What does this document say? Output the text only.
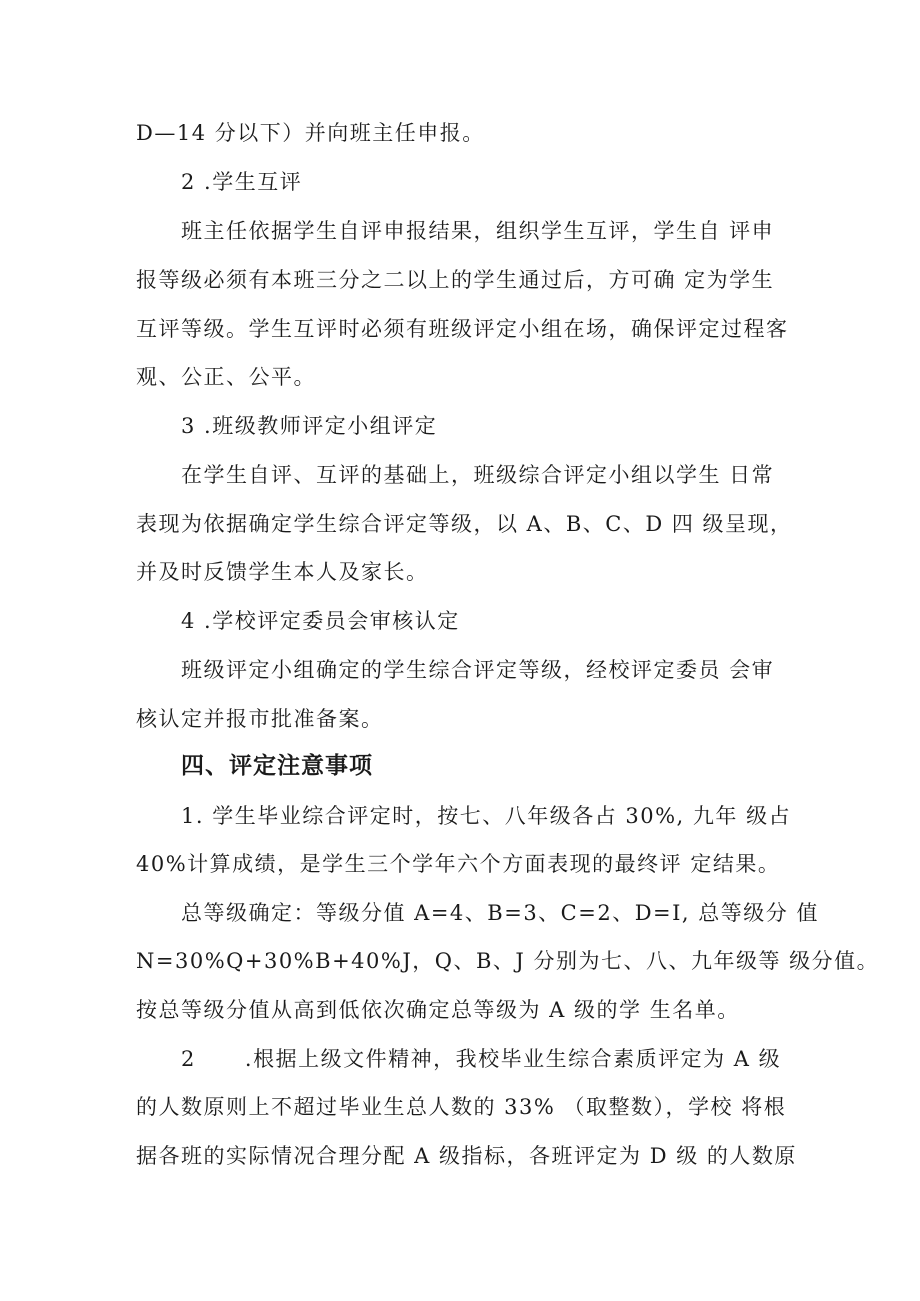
D—14 分以下）并向班主任申报。
2 .学生互评
班主任依据学生自评申报结果，组织学生互评，学生自 评申
报等级必须有本班三分之二以上的学生通过后，方可确 定为学生
互评等级。学生互评时必须有班级评定小组在场，确保评定过程客
观、公正、公平。
3 .班级教师评定小组评定
在学生自评、互评的基础上，班级综合评定小组以学生 日常
表现为依据确定学生综合评定等级，以 A、B、C、D 四 级呈现，
并及时反馈学生本人及家长。
4 .学校评定委员会审核认定
班级评定小组确定的学生综合评定等级，经校评定委员 会审
核认定并报市批准备案。
四、评定注意事项
1. 学生毕业综合评定时，按七、八年级各占 30%, 九年 级占
40%计算成绩，是学生三个学年六个方面表现的最终评 定结果。
总等级确定：等级分值 A=4、B=3、C=2、D=I, 总等级分 值
N=30%Q+30%B+40%J，Q、B、J 分别为七、八、九年级等 级分值。
按总等级分值从高到低依次确定总等级为 A 级的学 生名单。
2      .根据上级文件精神，我校毕业生综合素质评定为 A 级
的人数原则上不超过毕业生总人数的 33% （取整数），学校 将根
据各班的实际情况合理分配 A 级指标，各班评定为 D 级 的人数原
